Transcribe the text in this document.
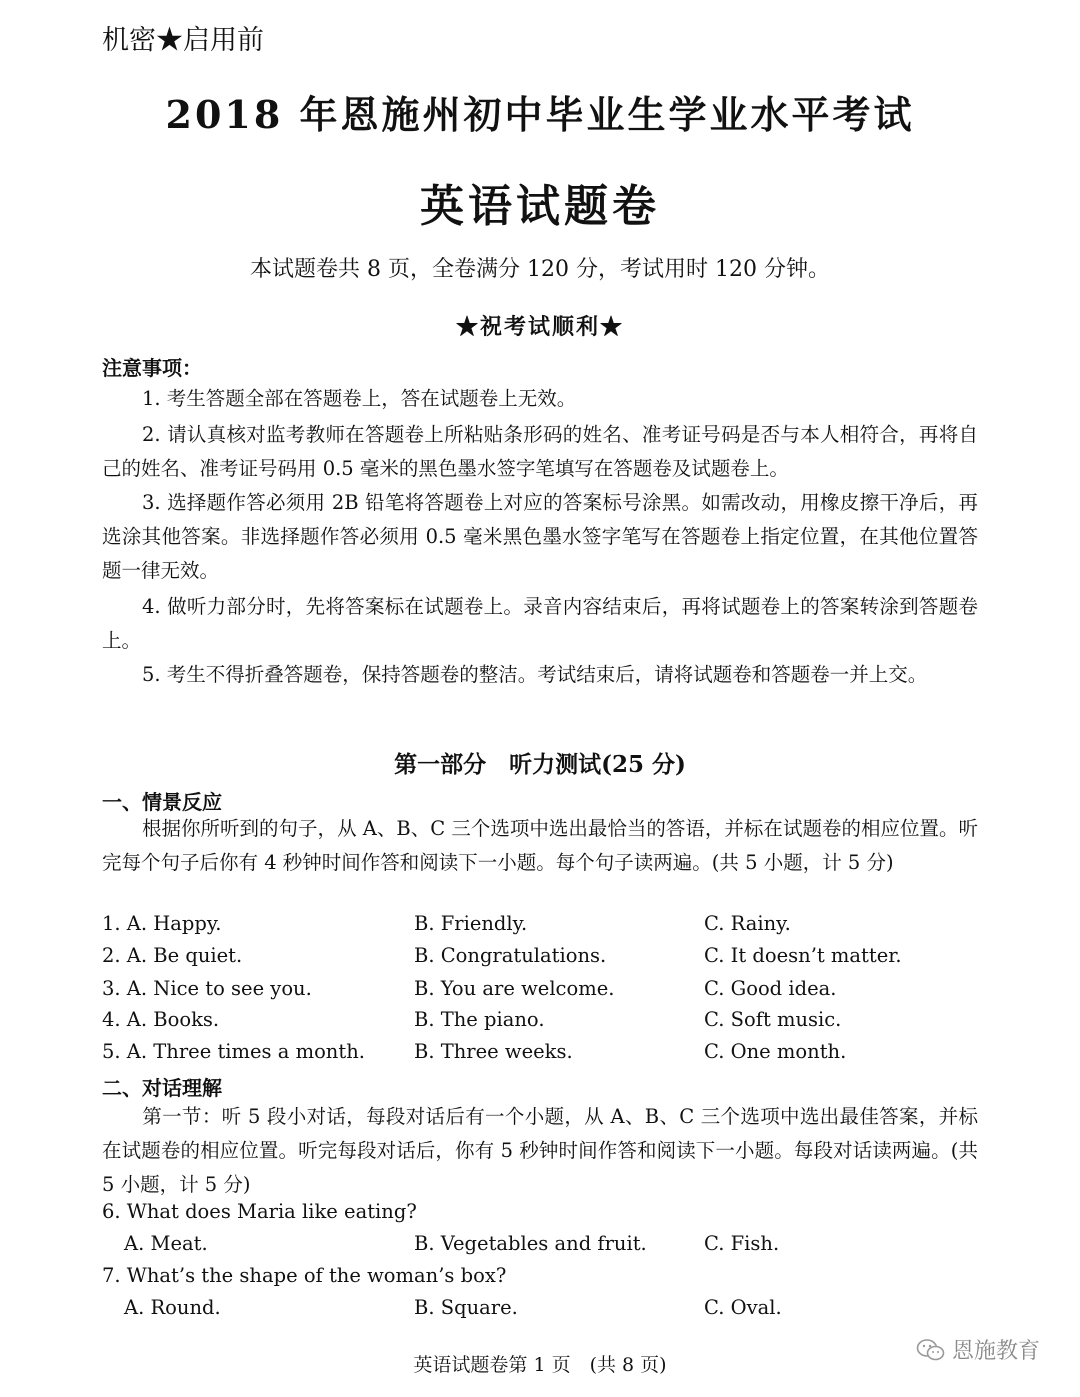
机密★启用前
2018 年恩施州初中毕业生学业水平考试
英语试题卷
本试题卷共 8 页，全卷满分 120 分，考试用时 120 分钟。
★祝考试顺利★
注意事项：
1. 考生答题全部在答题卷上，答在试题卷上无效。
2. 请认真核对监考教师在答题卷上所粘贴条形码的姓名、准考证号码是否与本人相符合，再将自己的姓名、准考证号码用 0.5 毫米的黑色墨水签字笔填写在答题卷及试题卷上。
3. 选择题作答必须用 2B 铅笔将答题卷上对应的答案标号涂黑。如需改动，用橡皮擦干净后，再选涂其他答案。非选择题作答必须用 0.5 毫米黑色墨水签字笔写在答题卷上指定位置，在其他位置答题一律无效。
4. 做听力部分时，先将答案标在试题卷上。录音内容结束后，再将试题卷上的答案转涂到答题卷上。
5. 考生不得折叠答题卷，保持答题卷的整洁。考试结束后，请将试题卷和答题卷一并上交。
第一部分　听力测试(25 分)
一、情景反应
根据你所听到的句子，从 A、B、C 三个选项中选出最恰当的答语，并标在试题卷的相应位置。听完每个句子后你有 4 秒钟时间作答和阅读下一小题。每个句子读两遍。(共 5 小题，计 5 分)
1. A. Happy.	B. Friendly.	C. Rainy.
2. A. Be quiet.	B. Congratulations.	C. It doesn’t matter.
3. A. Nice to see you.	B. You are welcome.	C. Good idea.
4. A. Books.	B. The piano.	C. Soft music.
5. A. Three times a month.	B. Three weeks.	C. One month.
二、对话理解
第一节：听 5 段小对话，每段对话后有一个小题，从 A、B、C 三个选项中选出最佳答案，并标在试题卷的相应位置。听完每段对话后，你有 5 秒钟时间作答和阅读下一小题。每段对话读两遍。(共 5 小题，计 5 分)
6. What does Maria like eating?
A. Meat.	B. Vegetables and fruit.	C. Fish.
7. What’s the shape of the woman’s box?
A. Round.	B. Square.	C. Oval.
英语试题卷第 1 页　(共 8 页)
恩施教育
